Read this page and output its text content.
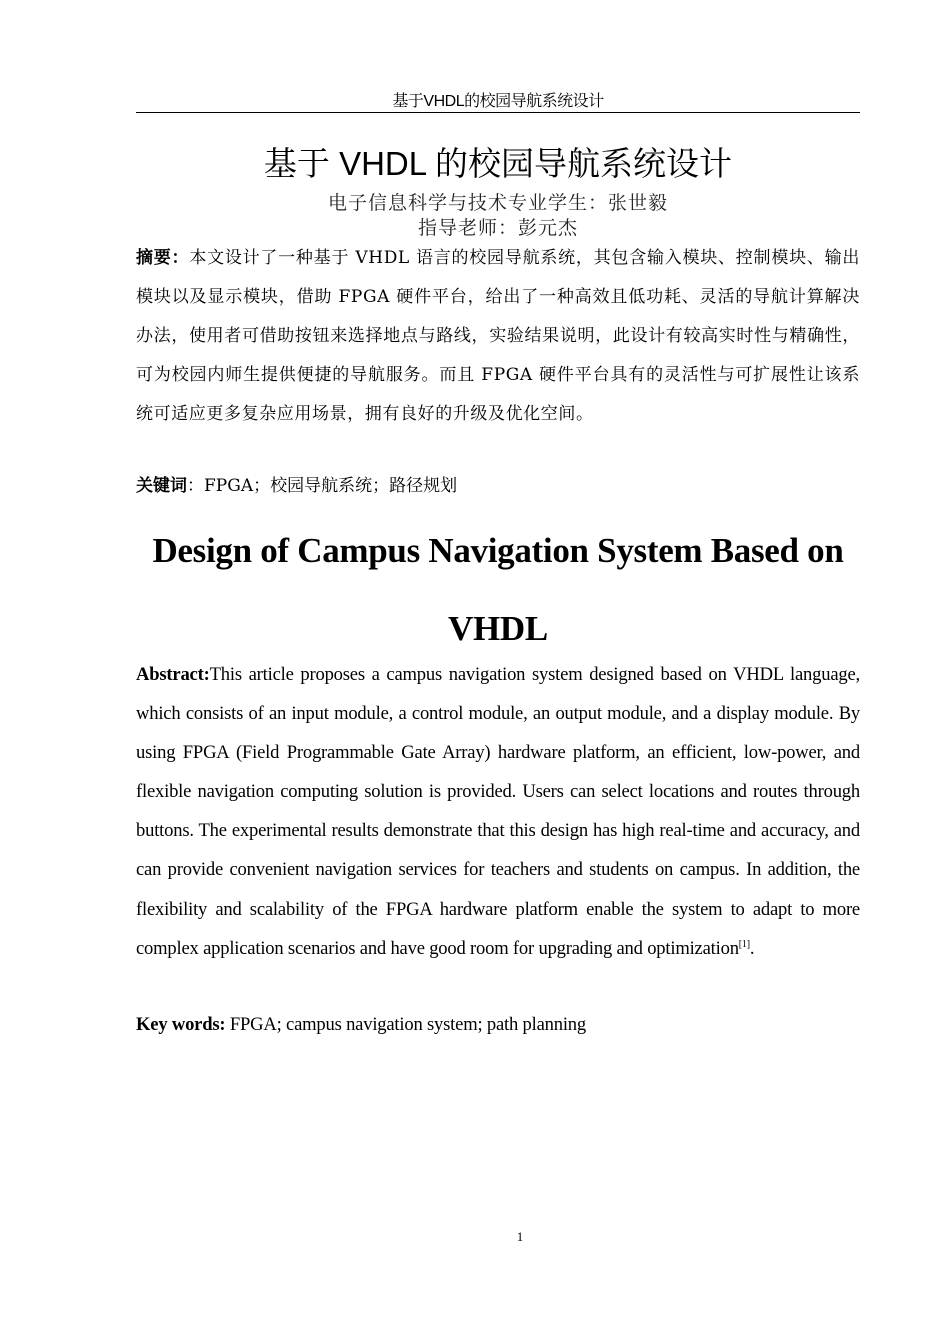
基于VHDL的校园导航系统设计
基于 VHDL 的校园导航系统设计
电子信息科学与技术专业学生：张世毅
指导老师：彭元杰
摘要：本文设计了一种基于 VHDL 语言的校园导航系统，其包含输入模块、控制模块、输出模块以及显示模块，借助 FPGA 硬件平台，给出了一种高效且低功耗、灵活的导航计算解决办法，使用者可借助按钮来选择地点与路线，实验结果说明，此设计有较高实时性与精确性，可为校园内师生提供便捷的导航服务。而且 FPGA 硬件平台具有的灵活性与可扩展性让该系统可适应更多复杂应用场景，拥有良好的升级及优化空间。
关键词：FPGA；校园导航系统；路径规划
Design of Campus Navigation System Based on
VHDL
Abstract:This article proposes a campus navigation system designed based on VHDL language, which consists of an input module, a control module, an output module, and a display module. By using FPGA (Field Programmable Gate Array) hardware platform, an efficient, low-power, and flexible navigation computing solution is provided. Users can select locations and routes through buttons. The experimental results demonstrate that this design has high real-time and accuracy, and can provide convenient navigation services for teachers and students on campus. In addition, the flexibility and scalability of the FPGA hardware platform enable the system to adapt to more complex application scenarios and have good room for upgrading and optimization[1].
Key words: FPGA; campus navigation system; path planning
1
